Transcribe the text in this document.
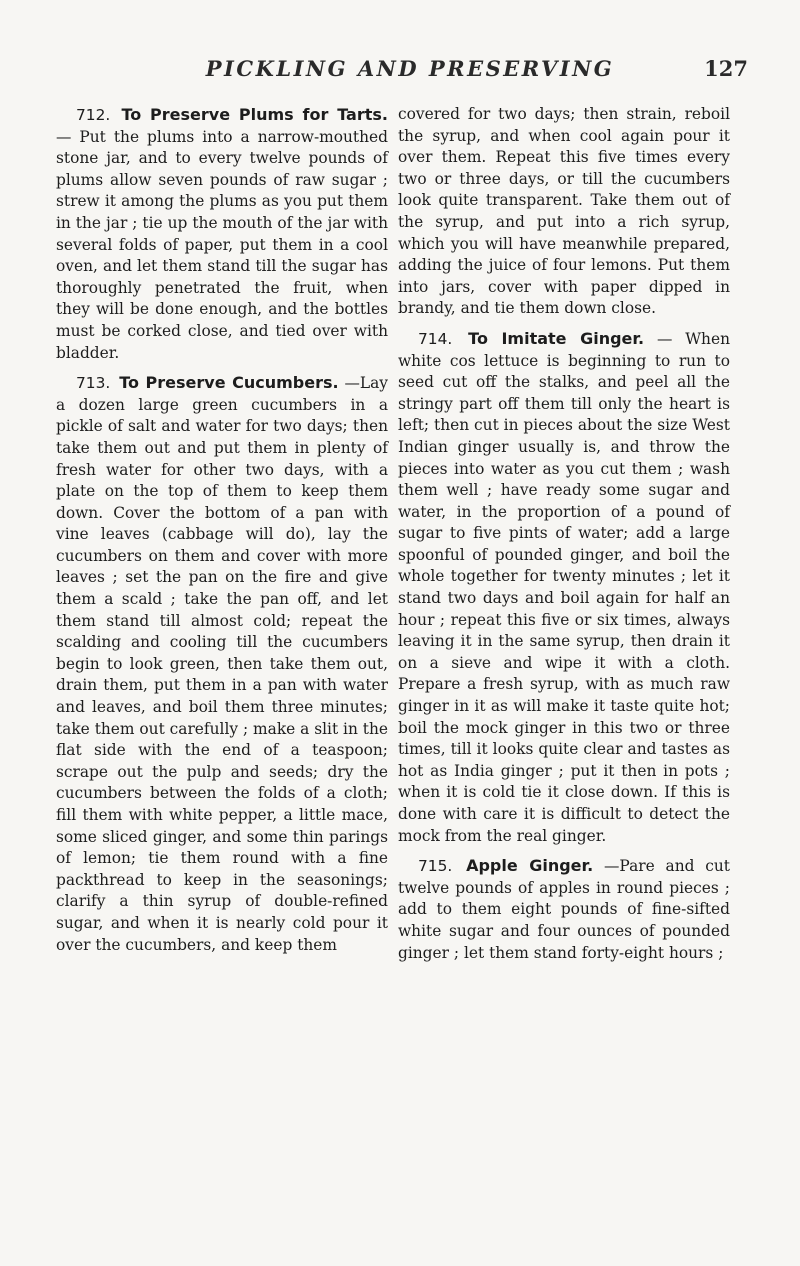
PICKLING AND PRESERVING	127

712. To Preserve Plums for Tarts. — Put the plums into a narrow-mouthed stone jar, and to every twelve pounds of plums allow seven pounds of raw sugar ; strew it among the plums as you put them in the jar ; tie up the mouth of the jar with several folds of paper, put them in a cool oven, and let them stand till the sugar has thoroughly penetrated the fruit, when they will be done enough, and the bottles must be corked close, and tied over with bladder.

713. To Preserve Cucumbers. —Lay a dozen large green cucumbers in a pickle of salt and water for two days; then take them out and put them in plenty of fresh water for other two days, with a plate on the top of them to keep them down. Cover the bottom of a pan with vine leaves (cabbage will do), lay the cucumbers on them and cover with more leaves ; set the pan on the fire and give them a scald ; take the pan off, and let them stand till almost cold; repeat the scalding and cooling till the cucumbers begin to look green, then take them out, drain them, put them in a pan with water and leaves, and boil them three minutes; take them out carefully ; make a slit in the flat side with the end of a teaspoon; scrape out the pulp and seeds; dry the cucumbers between the folds of a cloth; fill them with white pepper, a little mace, some sliced ginger, and some thin parings of lemon; tie them round with a fine packthread to keep in the seasonings; clarify a thin syrup of double-refined sugar, and when it is nearly cold pour it over the cucumbers, and keep them

covered for two days; then strain, reboil the syrup, and when cool again pour it over them. Repeat this five times every two or three days, or till the cucumbers look quite transparent. Take them out of the syrup, and put into a rich syrup, which you will have meanwhile prepared, adding the juice of four lemons. Put them into jars, cover with paper dipped in brandy, and tie them down close.

714. To Imitate Ginger. — When white cos lettuce is beginning to run to seed cut off the stalks, and peel all the stringy part off them till only the heart is left; then cut in pieces about the size West Indian ginger usually is, and throw the pieces into water as you cut them ; wash them well ; have ready some sugar and water, in the proportion of a pound of sugar to five pints of water; add a large spoonful of pounded ginger, and boil the whole together for twenty minutes ; let it stand two days and boil again for half an hour ; repeat this five or six times, always leaving it in the same syrup, then drain it on a sieve and wipe it with a cloth. Prepare a fresh syrup, with as much raw ginger in it as will make it taste quite hot; boil the mock ginger in this two or three times, till it looks quite clear and tastes as hot as India ginger ; put it then in pots ; when it is cold tie it close down. If this is done with care it is difficult to detect the mock from the real ginger.

715. Apple Ginger. —Pare and cut twelve pounds of apples in round pieces ; add to them eight pounds of fine-sifted white sugar and four ounces of pounded ginger ; let them stand forty-eight hours ;
